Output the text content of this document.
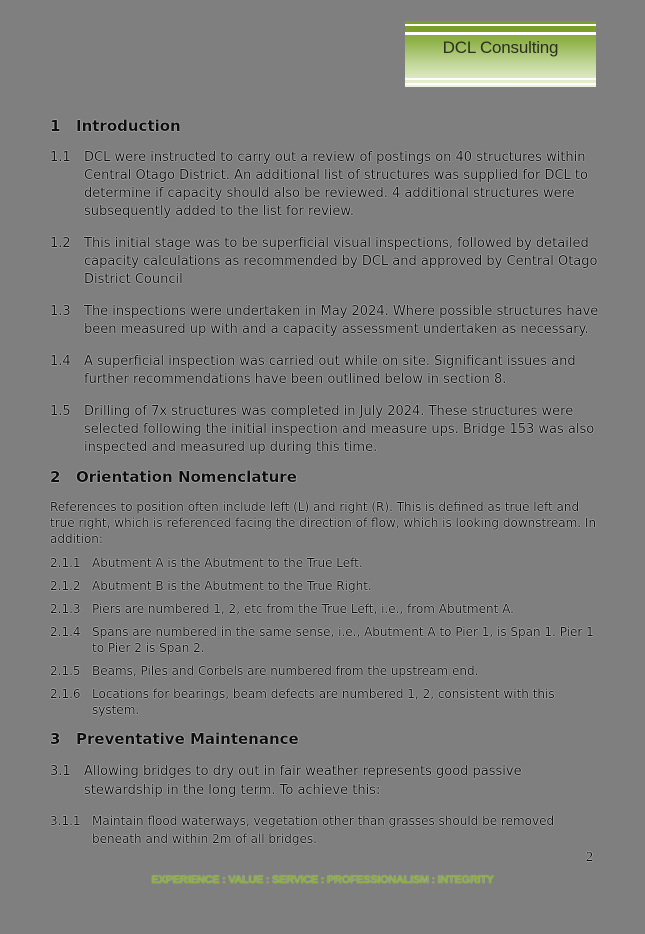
DCL Consulting
1	Introduction
1.1	DCL were instructed to carry out a review of postings on 40 structures within Central Otago District. An additional list of structures was supplied for DCL to determine if capacity should also be reviewed. 4 additional structures were subsequently added to the list for review.
1.2	This initial stage was to be superficial visual inspections, followed by detailed capacity calculations as recommended by DCL and approved by Central Otago District Council
1.3	The inspections were undertaken in May 2024. Where possible structures have been measured up with and a capacity assessment undertaken as necessary.
1.4	A superficial inspection was carried out while on site. Significant issues and further recommendations have been outlined below in section 8.
1.5	Drilling of 7x structures was completed in July 2024. These structures were selected following the initial inspection and measure ups. Bridge 153 was also inspected and measured up during this time.
2	Orientation Nomenclature
References to position often include left (L) and right (R). This is defined as true left and true right, which is referenced facing the direction of flow, which is looking downstream. In addition:
2.1.1 Abutment A is the Abutment to the True Left.
2.1.2 Abutment B is the Abutment to the True Right.
2.1.3 Piers are numbered 1, 2, etc from the True Left, i.e., from Abutment A.
2.1.4 Spans are numbered in the same sense, i.e., Abutment A to Pier 1, is Span 1. Pier 1 to Pier 2 is Span 2.
2.1.5 Beams, Piles and Corbels are numbered from the upstream end.
2.1.6 Locations for bearings, beam defects are numbered 1, 2, consistent with this system.
3	Preventative Maintenance
3.1	Allowing bridges to dry out in fair weather represents good passive stewardship in the long term. To achieve this:
3.1.1 Maintain flood waterways, vegetation other than grasses should be removed beneath and within 2m of all bridges.
2
EXPERIENCE : VALUE : SERVICE : PROFESSIONALISM : INTEGRITY
